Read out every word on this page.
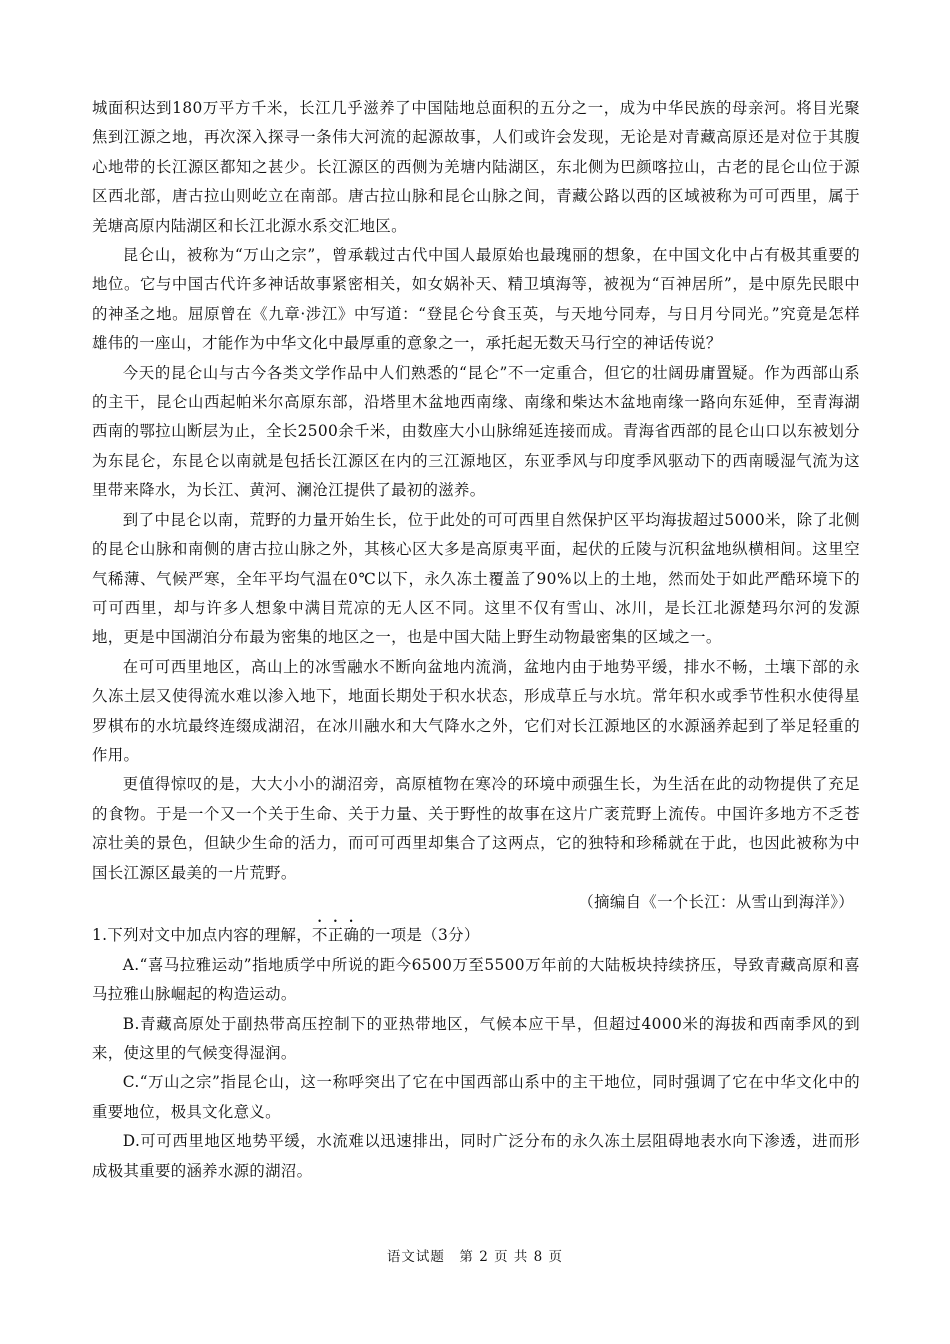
城面积达到180万平方千米，长江几乎滋养了中国陆地总面积的五分之一，成为中华民族的母亲河。将目光聚焦到江源之地，再次深入探寻一条伟大河流的起源故事，人们或许会发现，无论是对青藏高原还是对位于其腹心地带的长江源区都知之甚少。长江源区的西侧为羌塘内陆湖区，东北侧为巴颜喀拉山，古老的昆仑山位于源区西北部，唐古拉山则屹立在南部。唐古拉山脉和昆仑山脉之间，青藏公路以西的区域被称为可可西里，属于羌塘高原内陆湖区和长江北源水系交汇地区。

昆仑山，被称为“万山之宗”，曾承载过古代中国人最原始也最瑰丽的想象，在中国文化中占有极其重要的地位。它与中国古代许多神话故事紧密相关，如女娲补天、精卫填海等，被视为“百神居所”，是中原先民眼中的神圣之地。屈原曾在《九章·涉江》中写道：“登昆仑兮食玉英，与天地兮同寿，与日月兮同光。”究竟是怎样雄伟的一座山，才能作为中华文化中最厚重的意象之一，承托起无数天马行空的神话传说？

今天的昆仑山与古今各类文学作品中人们熟悉的“昆仑”不一定重合，但它的壮阔毋庸置疑。作为西部山系的主干，昆仑山西起帕米尔高原东部，沿塔里木盆地西南缘、南缘和柴达木盆地南缘一路向东延伸，至青海湖西南的鄂拉山断层为止，全长2500余千米，由数座大小山脉绵延连接而成。青海省西部的昆仑山口以东被划分为东昆仑，东昆仑以南就是包括长江源区在内的三江源地区，东亚季风与印度季风驱动下的西南暖湿气流为这里带来降水，为长江、黄河、澜沧江提供了最初的滋养。

到了中昆仑以南，荒野的力量开始生长，位于此处的可可西里自然保护区平均海拔超过5000米，除了北侧的昆仑山脉和南侧的唐古拉山脉之外，其核心区大多是高原夷平面，起伏的丘陵与沉积盆地纵横相间。这里空气稀薄、气候严寒，全年平均气温在0℃以下，永久冻土覆盖了90%以上的土地，然而处于如此严酷环境下的可可西里，却与许多人想象中满目荒凉的无人区不同。这里不仅有雪山、冰川，是长江北源楚玛尔河的发源地，更是中国湖泊分布最为密集的地区之一，也是中国大陆上野生动物最密集的区域之一。

在可可西里地区，高山上的冰雪融水不断向盆地内流淌，盆地内由于地势平缓，排水不畅，土壤下部的永久冻土层又使得流水难以渗入地下，地面长期处于积水状态，形成草丘与水坑。常年积水或季节性积水使得星罗棋布的水坑最终连缀成湖沼，在冰川融水和大气降水之外，它们对长江源地区的水源涵养起到了举足轻重的作用。

更值得惊叹的是，大大小小的湖沼旁，高原植物在寒冷的环境中顽强生长，为生活在此的动物提供了充足的食物。于是一个又一个关于生命、关于力量、关于野性的故事在这片广袤荒野上流传。中国许多地方不乏苍凉壮美的景色，但缺少生命的活力，而可可西里却集合了这两点，它的独特和珍稀就在于此，也因此被称为中国长江源区最美的一片荒野。

（摘编自《一个长江：从雪山到海洋》）

1.下列对文中加点内容的理解，不正确的一项是（3分）

A.“喜马拉雅运动”指地质学中所说的距今6500万至5500万年前的大陆板块持续挤压，导致青藏高原和喜马拉雅山脉崛起的构造运动。

B.青藏高原处于副热带高压控制下的亚热带地区，气候本应干旱，但超过4000米的海拔和西南季风的到来，使这里的气候变得湿润。

C.“万山之宗”指昆仑山，这一称呼突出了它在中国西部山系中的主干地位，同时强调了它在中华文化中的重要地位，极具文化意义。

D.可可西里地区地势平缓，水流难以迅速排出，同时广泛分布的永久冻土层阻碍地表水向下渗透，进而形成极其重要的涵养水源的湖沼。

语文试题　第 2 页 共 8 页
